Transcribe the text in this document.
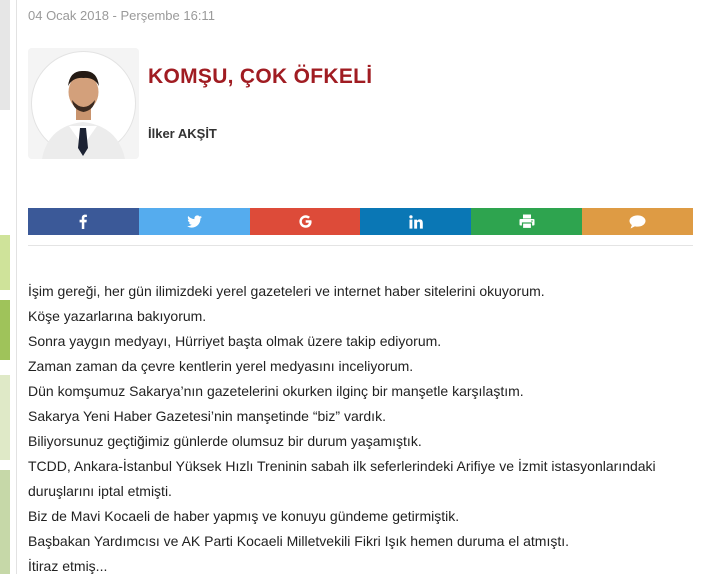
04 Ocak 2018 - Perşembe 16:11
KOMŞU, ÇOK ÖFKELİ
İlker AKŞİT

İşim gereği, her gün ilimizdeki yerel gazeteleri ve internet haber sitelerini okuyorum.

Köşe yazarlarına bakıyorum.

Sonra yaygın medyayı, Hürriyet başta olmak üzere takip ediyorum.

Zaman zaman da çevre kentlerin yerel medyasını inceliyorum.

Dün komşumuz Sakarya’nın gazetelerini okurken ilginç bir manşetle karşılaştım.

Sakarya Yeni Haber Gazetesi’nin manşetinde “biz” vardık.

Biliyorsunuz geçtiğimiz günlerde olumsuz bir durum yaşamıştık.

TCDD, Ankara-İstanbul Yüksek Hızlı Treninin sabah ilk seferlerindeki Arifiye ve İzmit istasyonlarındaki duruşlarını iptal etmişti.

Biz de Mavi Kocaeli de haber yapmış ve konuyu gündeme getirmiştik.

Başbakan Yardımcısı ve AK Parti Kocaeli Milletvekili Fikri Işık hemen duruma el atmıştı.

İtiraz etmiş...
